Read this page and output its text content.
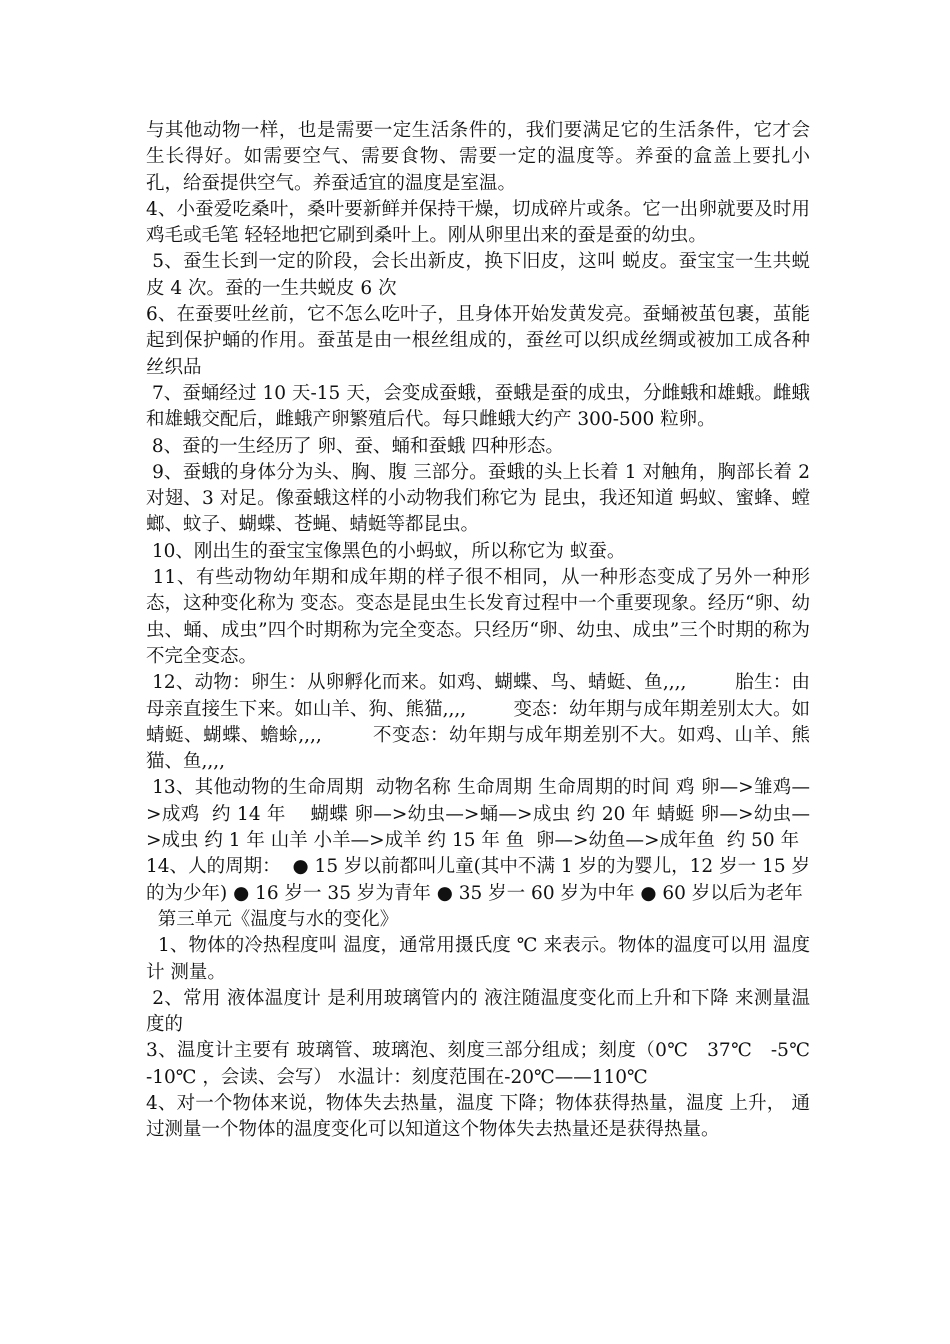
与其他动物一样，也是需要一定生活条件的，我们要满足它的生活条件，它才会生长得好。如需要空气、需要食物、需要一定的温度等。养蚕的盒盖上要扎小孔，给蚕提供空气。养蚕适宜的温度是室温。

4、小蚕爱吃桑叶，桑叶要新鲜并保持干燥，切成碎片或条。它一出卵就要及时用 鸡毛或毛笔 轻轻地把它刷到桑叶上。刚从卵里出来的蚕是蚕的幼虫。

5、蚕生长到一定的阶段，会长出新皮，换下旧皮，这叫 蜕皮。蚕宝宝一生共蜕皮 4 次。蚕的一生共蜕皮 6 次

6、在蚕要吐丝前，它不怎么吃叶子，且身体开始发黄发亮。蚕蛹被茧包裹，茧能起到保护蛹的作用。蚕茧是由一根丝组成的，蚕丝可以织成丝绸或被加工成各种丝织品

7、蚕蛹经过 10 天-15 天，会变成蚕蛾，蚕蛾是蚕的成虫，分雌蛾和雄蛾。雌蛾和雄蛾交配后，雌蛾产卵繁殖后代。每只雌蛾大约产 300-500 粒卵。

8、蚕的一生经历了 卵、蚕、蛹和蚕蛾 四种形态。

9、蚕蛾的身体分为头、胸、腹 三部分。蚕蛾的头上长着 1 对触角，胸部长着 2 对翅、3 对足。像蚕蛾这样的小动物我们称它为 昆虫，我还知道 蚂蚁、蜜蜂、螳螂、蚊子、蝴蝶、苍蝇、蜻蜓等都昆虫。

10、刚出生的蚕宝宝像黑色的小蚂蚁，所以称它为 蚁蚕。

11、有些动物幼年期和成年期的样子很不相同，从一种形态变成了另外一种形态，这种变化称为 变态。变态是昆虫生长发育过程中一个重要现象。经历“卵、幼虫、蛹、成虫”四个时期称为完全变态。只经历“卵、幼虫、成虫”三个时期的称为不完全变态。

12、动物：卵生：从卵孵化而来。如鸡、蝴蝶、鸟、蜻蜓、鱼,,,,        胎生：由母亲直接生下来。如山羊、狗、熊猫,,,,        变态：幼年期与成年期差别太大。如蜻蜓、蝴蝶、蟾蜍,,,,        不变态：幼年期与成年期差别不大。如鸡、山羊、熊猫、鱼,,,,

13、其他动物的生命周期  动物名称 生命周期 生命周期的时间 鸡 卵—>雏鸡—>成鸡  约 14 年    蝴蝶 卵—>幼虫—>蛹—>成虫 约 20 年 蜻蜓 卵—>幼虫—>成虫 约 1 年 山羊 小羊—>成羊 约 15 年 鱼  卵—>幼鱼—>成年鱼  约 50 年

14、人的周期：  ● 15 岁以前都叫儿童(其中不满 1 岁的为婴儿，12 岁一 15 岁的为少年) ● 16 岁一 35 岁为青年 ● 35 岁一 60 岁为中年 ● 60 岁以后为老年

第三单元《温度与水的变化》

1、物体的冷热程度叫 温度，通常用摄氏度 ℃ 来表示。物体的温度可以用 温度计 测量。

2、常用 液体温度计 是利用玻璃管内的 液注随温度变化而上升和下降 来测量温度的

3、温度计主要有 玻璃管、玻璃泡、刻度三部分组成；刻度（0℃   37℃   -5℃    -10℃ ，会读、会写） 水温计：刻度范围在-20℃——110℃

4、对一个物体来说，物体失去热量，温度 下降；物体获得热量，温度 上升， 通过测量一个物体的温度变化可以知道这个物体失去热量还是获得热量。
